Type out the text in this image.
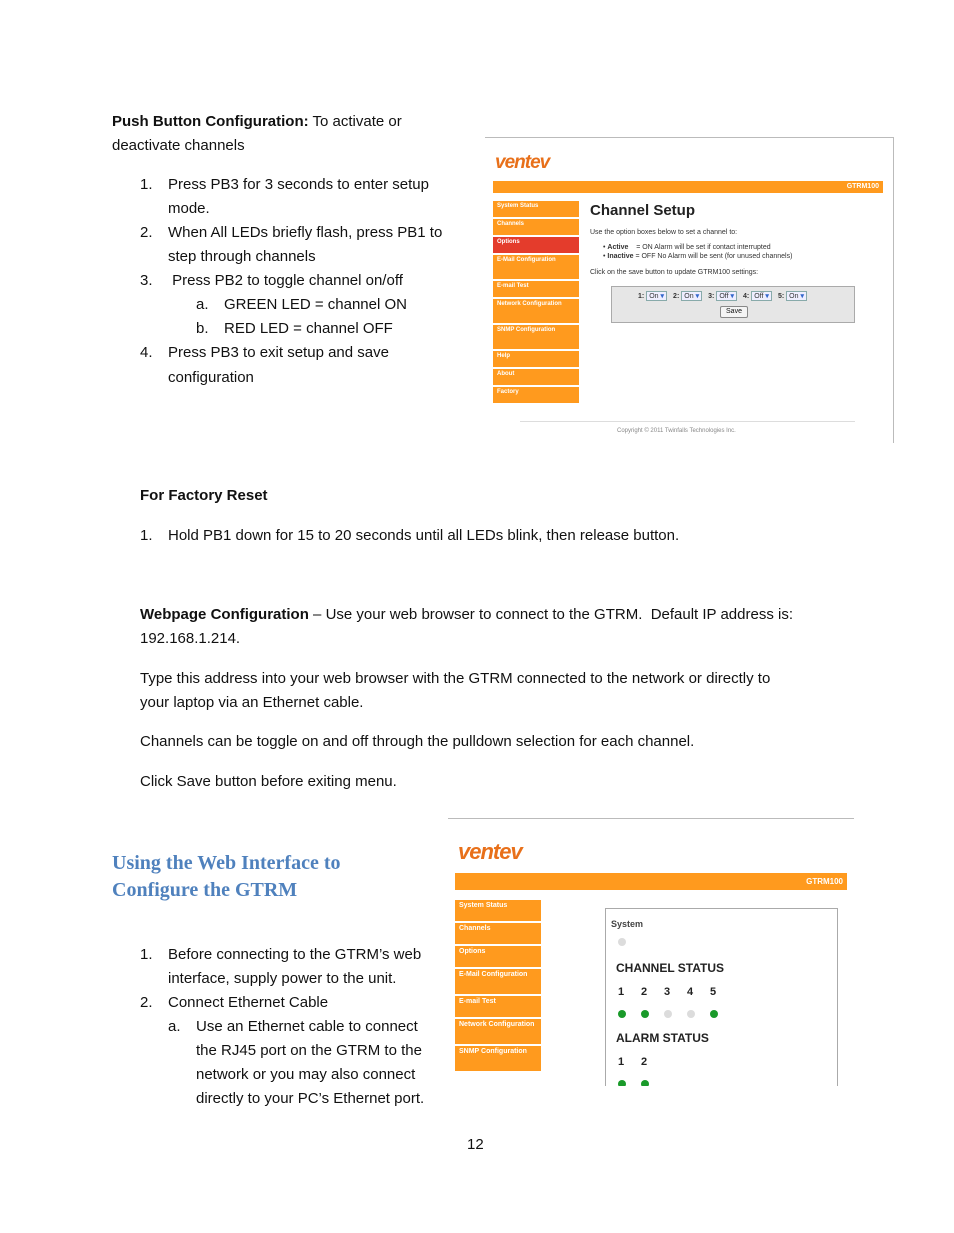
Push Button Configuration: To activate or
deactivate channels
1. Press PB3 for 3 seconds to enter setup
mode.
2. When All LEDs briefly flash, press PB1 to
step through channels
3. Press PB2 to toggle channel on/off
a. GREEN LED = channel ON
b. RED LED = channel OFF
4. Press PB3 to exit setup and save
configuration
ventev
GTRM100
System Status
Channels
Options
E-Mail Configuration
E-mail Test
Network Configuration
SNMP Configuration
Help
About
Factory
Channel Setup
Use the option boxes below to set a channel to:
• Active = ON Alarm will be set if contact interrupted
• Inactive = OFF No Alarm will be sent (for unused channels)
Click on the save button to update GTRM100 settings:
1: On ▾ 2: On ▾ 3: Off ▾ 4: Off ▾ 5: On ▾
Save
Copyright © 2011 Twinfalls Technologies Inc.
For Factory Reset
1. Hold PB1 down for 15 to 20 seconds until all LEDs blink, then release button.
Webpage Configuration – Use your web browser to connect to the GTRM.  Default IP address is:
192.168.1.214.
Type this address into your web browser with the GTRM connected to the network or directly to
your laptop via an Ethernet cable.
Channels can be toggle on and off through the pulldown selection for each channel.
Click Save button before exiting menu.
Using the Web Interface to
Configure the GTRM
1. Before connecting to the GTRM’s web
interface, supply power to the unit.
2. Connect Ethernet Cable
a. Use an Ethernet cable to connect
the RJ45 port on the GTRM to the
network or you may also connect
directly to your PC’s Ethernet port.
ventev
GTRM100
System Status
Channels
Options
E-Mail Configuration
E-mail Test
Network Configuration
SNMP Configuration
System
CHANNEL STATUS
1 2 3 4 5
ALARM STATUS
1 2
12
